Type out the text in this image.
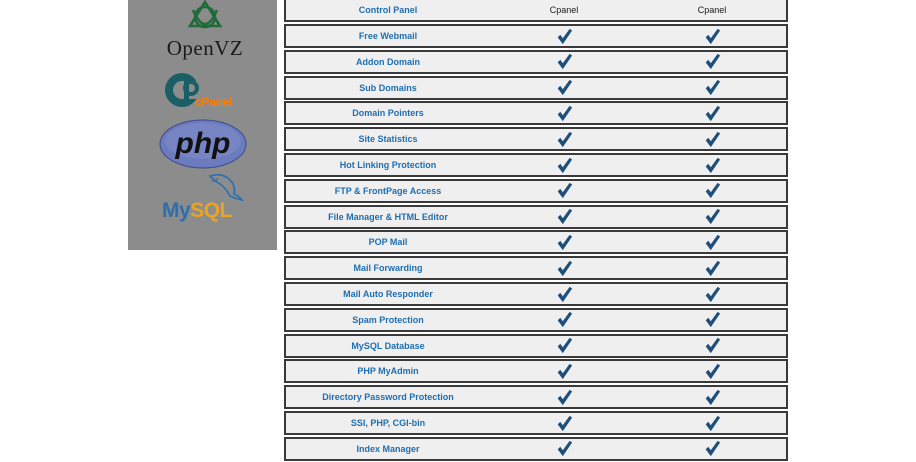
OpenVZ
cPanel
php
MySQL
Control Panel	Cpanel	Cpanel
Free Webmail
Addon Domain
Sub Domains
Domain Pointers
Site Statistics
Hot Linking Protection
FTP & FrontPage Access
File Manager & HTML Editor
POP Mail
Mail Forwarding
Mail Auto Responder
Spam Protection
MySQL Database
PHP MyAdmin
Directory Password Protection
SSI, PHP, CGI-bin
Index Manager
